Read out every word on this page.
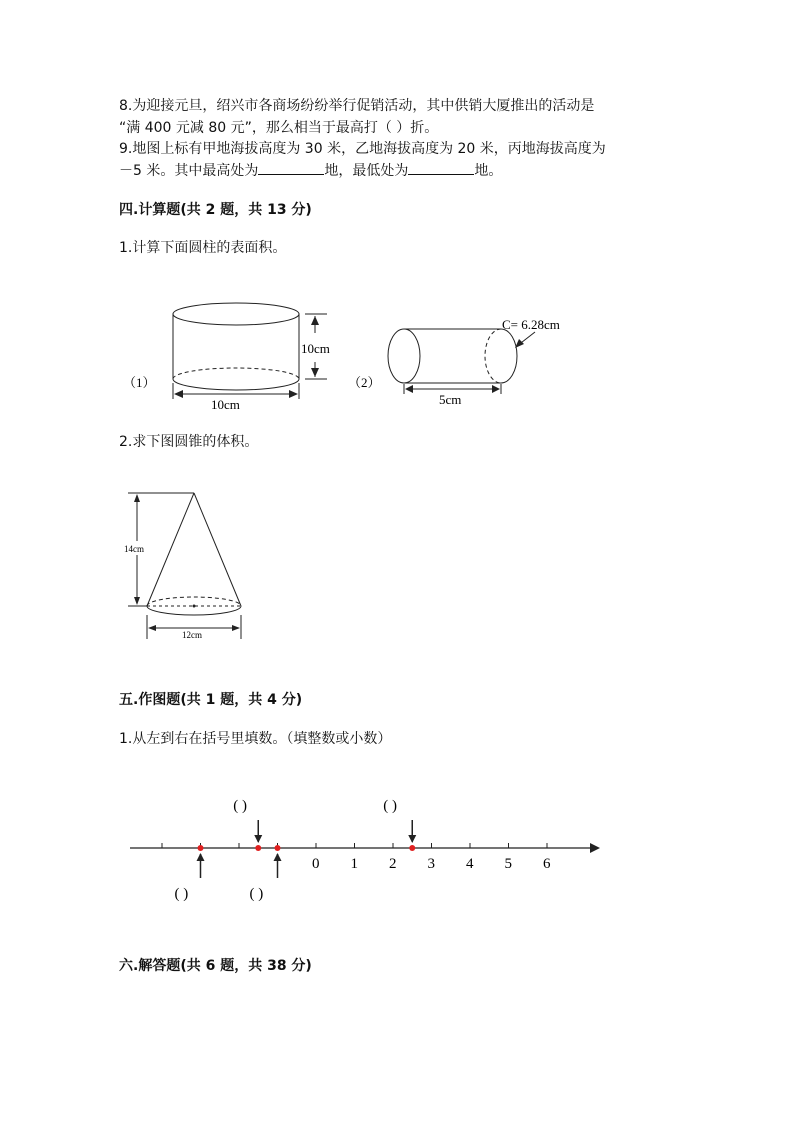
8.为迎接元旦，绍兴市各商场纷纷举行促销活动，其中供销大厦推出的活动是
“满 400 元减 80 元”，那么相当于最高打（ ）折。
9.地图上标有甲地海拔高度为 30 米，乙地海拔高度为 20 米，丙地海拔高度为
－5 米。其中最高处为	地，最低处为	地。
四.计算题(共 2 题，共 13 分)
1.计算下面圆柱的表面积。
（1）
10cm
10cm
（2）
C= 6.28cm
5cm
2.求下图圆锥的体积。
14cm
12cm
五.作图题(共 1 题，共 4 分)
1.从左到右在括号里填数。（填整数或小数）
0 1 2 3 4 5 6
( )
( )
( )
( )
六.解答题(共 6 题，共 38 分)
